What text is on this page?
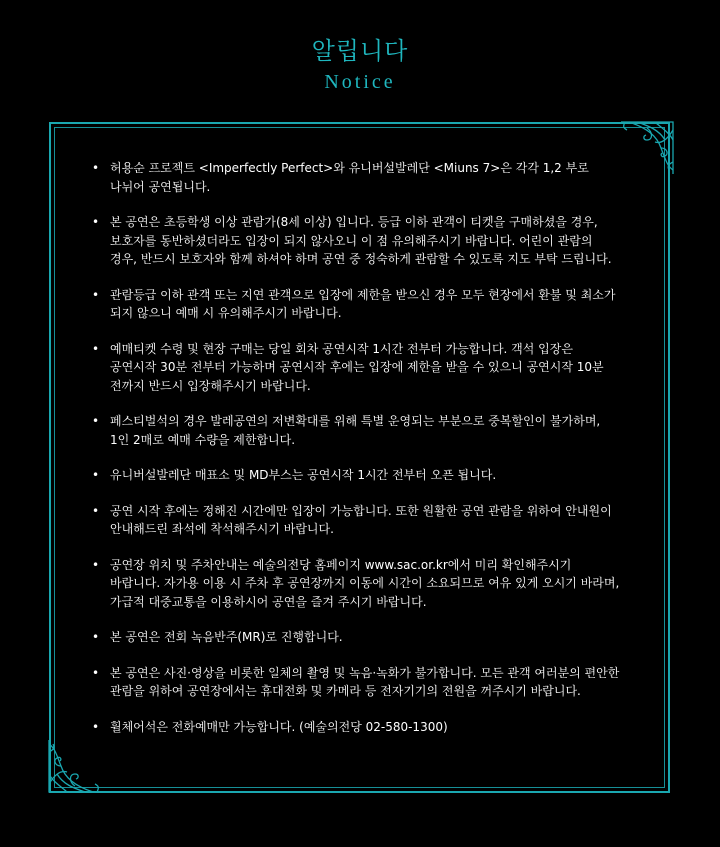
알립니다
Notice
• 허용순 프로젝트 <Imperfectly Perfect>와 유니버설발레단 <Miuns 7>은 각각 1,2 부로 나뉘어 공연됩니다.
• 본 공연은 초등학생 이상 관람가(8세 이상) 입니다. 등급 이하 관객이 티켓을 구매하셨을 경우, 보호자를 동반하셨더라도 입장이 되지 않사오니 이 점 유의해주시기 바랍니다. 어린이 관람의 경우, 반드시 보호자와 함께 하셔야 하며 공연 중 정숙하게 관람할 수 있도록 지도 부탁 드립니다.
• 관람등급 이하 관객 또는 지연 관객으로 입장에 제한을 받으신 경우 모두 현장에서 환불 및 최소가 되지 않으니 예매 시 유의해주시기 바랍니다.
• 예매티켓 수령 및 현장 구매는 당일 회차 공연시작 1시간 전부터 가능합니다. 객석 입장은 공연시작 30분 전부터 가능하며 공연시작 후에는 입장에 제한을 받을 수 있으니 공연시작 10분 전까지 반드시 입장해주시기 바랍니다.
• 페스티벌석의 경우 발레공연의 저변확대를 위해 특별 운영되는 부분으로 중복할인이 불가하며, 1인 2매로 예매 수량을 제한합니다.
• 유니버설발레단 매표소 및 MD부스는 공연시작 1시간 전부터 오픈 됩니다.
• 공연 시작 후에는 정해진 시간에만 입장이 가능합니다. 또한 원활한 공연 관람을 위하여 안내원이 안내해드린 좌석에 착석해주시기 바랍니다.
• 공연장 위치 및 주차안내는 예술의전당 홈페이지 www.sac.or.kr에서 미리 확인해주시기 바랍니다. 자가용 이용 시 주차 후 공연장까지 이동에 시간이 소요되므로 여유 있게 오시기 바라며, 가급적 대중교통을 이용하시어 공연을 즐겨 주시기 바랍니다.
• 본 공연은 전회 녹음반주(MR)로 진행합니다.
• 본 공연은 사진·영상을 비롯한 일체의 촬영 및 녹음·녹화가 불가합니다. 모든 관객 여러분의 편안한 관람을 위하여 공연장에서는 휴대전화 및 카메라 등 전자기기의 전원을 꺼주시기 바랍니다.
• 휠체어석은 전화예매만 가능합니다. (예술의전당 02-580-1300)
